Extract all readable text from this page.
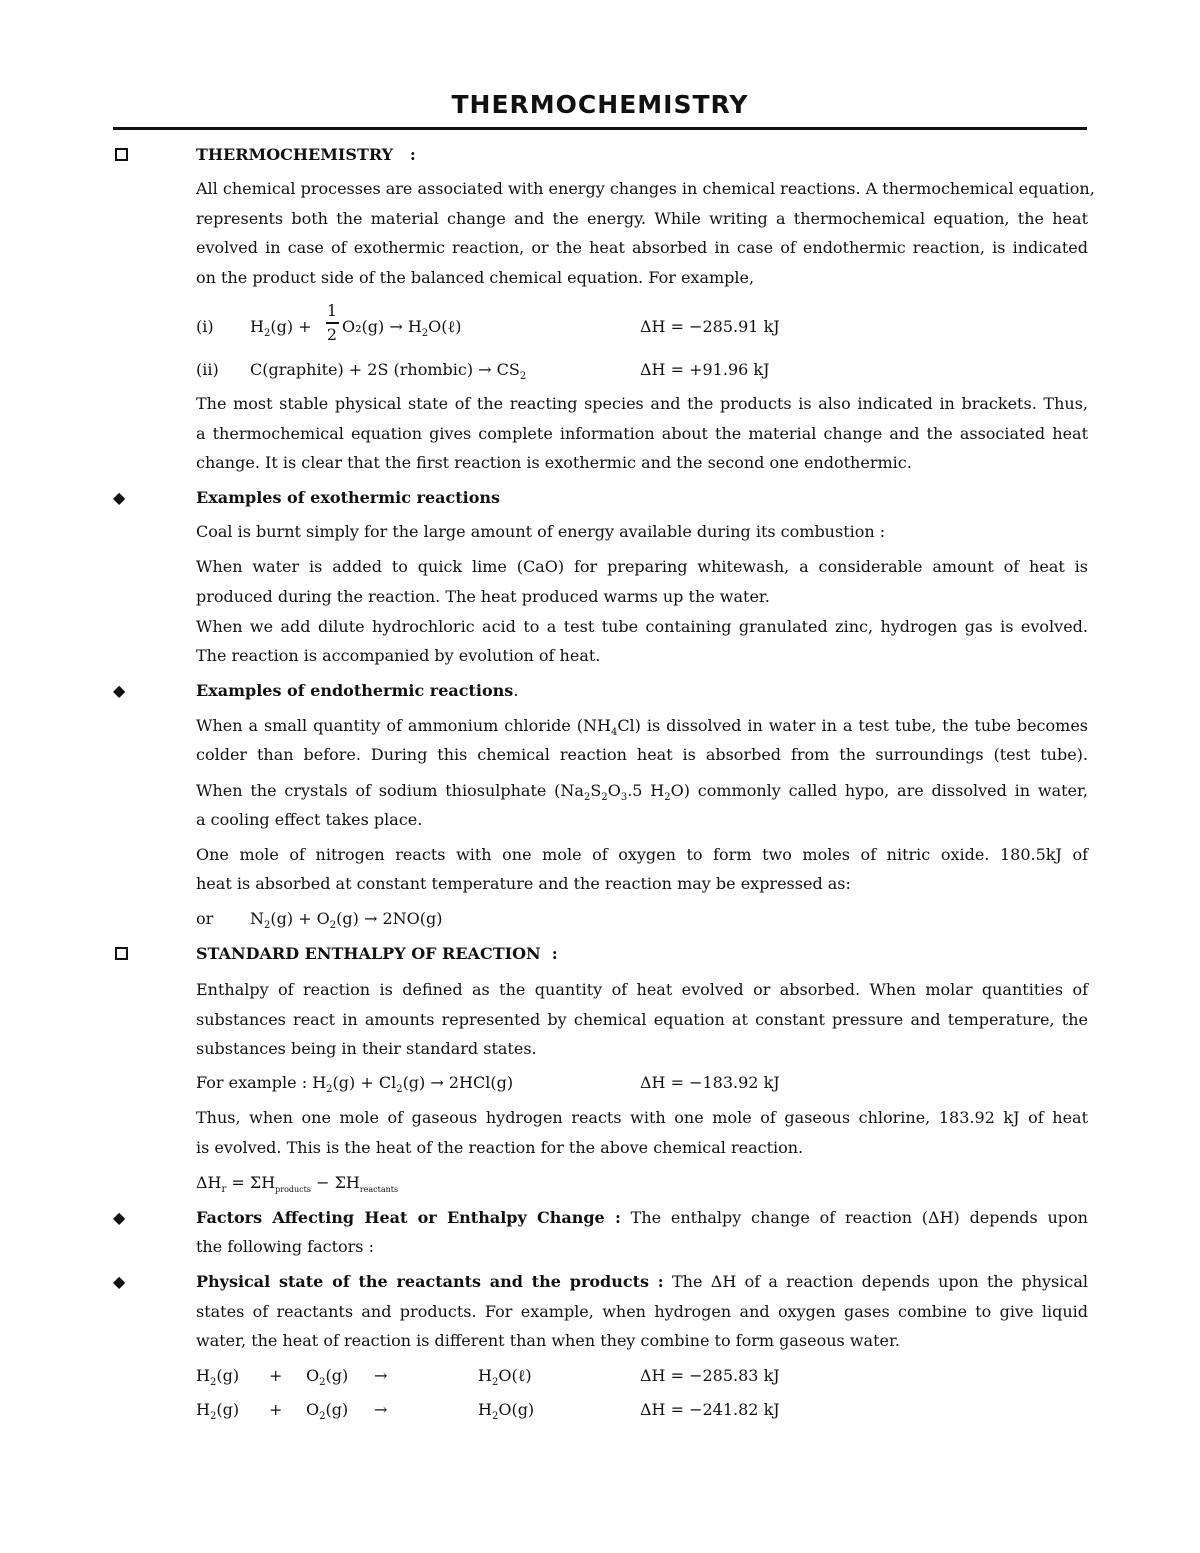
THERMOCHEMISTRY
THERMOCHEMISTRY :
All chemical processes are associated with energy changes in chemical reactions. A thermochemical equation,
represents both the material change and the energy. While writing a thermochemical equation, the heat
evolved in case of exothermic reaction, or the heat absorbed in case of endothermic reaction, is indicated
on the product side of the balanced chemical equation. For example,
(i) $H_2(g)$ +
1
2 $O_2(g) \to H_2O(\ell)$	ΔH = −285.91 kJ
(ii) C(graphite) + 2S (rhombic) → $CS_2$	ΔH = +91.96 kJ
The most stable physical state of the reacting species and the products is also indicated in brackets. Thus,
a thermochemical equation gives complete information about the material change and the associated heat
change. It is clear that the first reaction is exothermic and the second one endothermic.
◆	Examples of exothermic reactions
Coal is burnt simply for the large amount of energy available during its combustion :
When water is added to quick lime (CaO) for preparing whitewash, a considerable amount of heat is
produced during the reaction. The heat produced warms up the water.
When we add dilute hydrochloric acid to a test tube containing granulated zinc, hydrogen gas is evolved.
The reaction is accompanied by evolution of heat.
◆	Examples of endothermic reactions.
When a small quantity of ammonium chloride $(NH_4Cl)$ is dissolved in water in a test tube, the tube becomes
colder than before. During this chemical reaction heat is absorbed from the surroundings (test tube).
When the crystals of sodium thiosulphate ($Na_2S_2O_3.5$ $H_2O$) commonly called hypo, are dissolved in water,
a cooling effect takes place.
One mole of nitrogen reacts with one mole of oxygen to form two moles of nitric oxide. 180.5kJ of
heat is absorbed at constant temperature and the reaction may be expressed as:
or $N_2(g) + O_2(g) \to 2NO(g)$
STANDARD ENTHALPY OF REACTION :
Enthalpy of reaction is defined as the quantity of heat evolved or absorbed. When molar quantities of
substances react in amounts represented by chemical equation at constant pressure and temperature, the
substances being in their standard states.
For example : $H_2(g) + Cl_2(g) \to 2HCl(g)$	ΔH = −183.92 kJ
Thus, when one mole of gaseous hydrogen reacts with one mole of gaseous chlorine, 183.92 kJ of heat
is evolved. This is the heat of the reaction for the above chemical reaction.
$\Delta H_r = \Sigma H_{products} - \Sigma H_{reactants}$
◆	Factors Affecting Heat or Enthalpy Change : The enthalpy change of reaction (ΔH) depends upon
the following factors :
◆	Physical state of the reactants and the products : The ΔH of a reaction depends upon the physical
states of reactants and products. For example, when hydrogen and oxygen gases combine to give liquid
water, the heat of reaction is different than when they combine to form gaseous water.
$H_2(g) + O_2(g)$ →	$H_2O(\ell)$	ΔH = −285.83 kJ
$H_2(g) + O_2(g)$ →	$H_2O(g)$	ΔH = −241.82 kJ
